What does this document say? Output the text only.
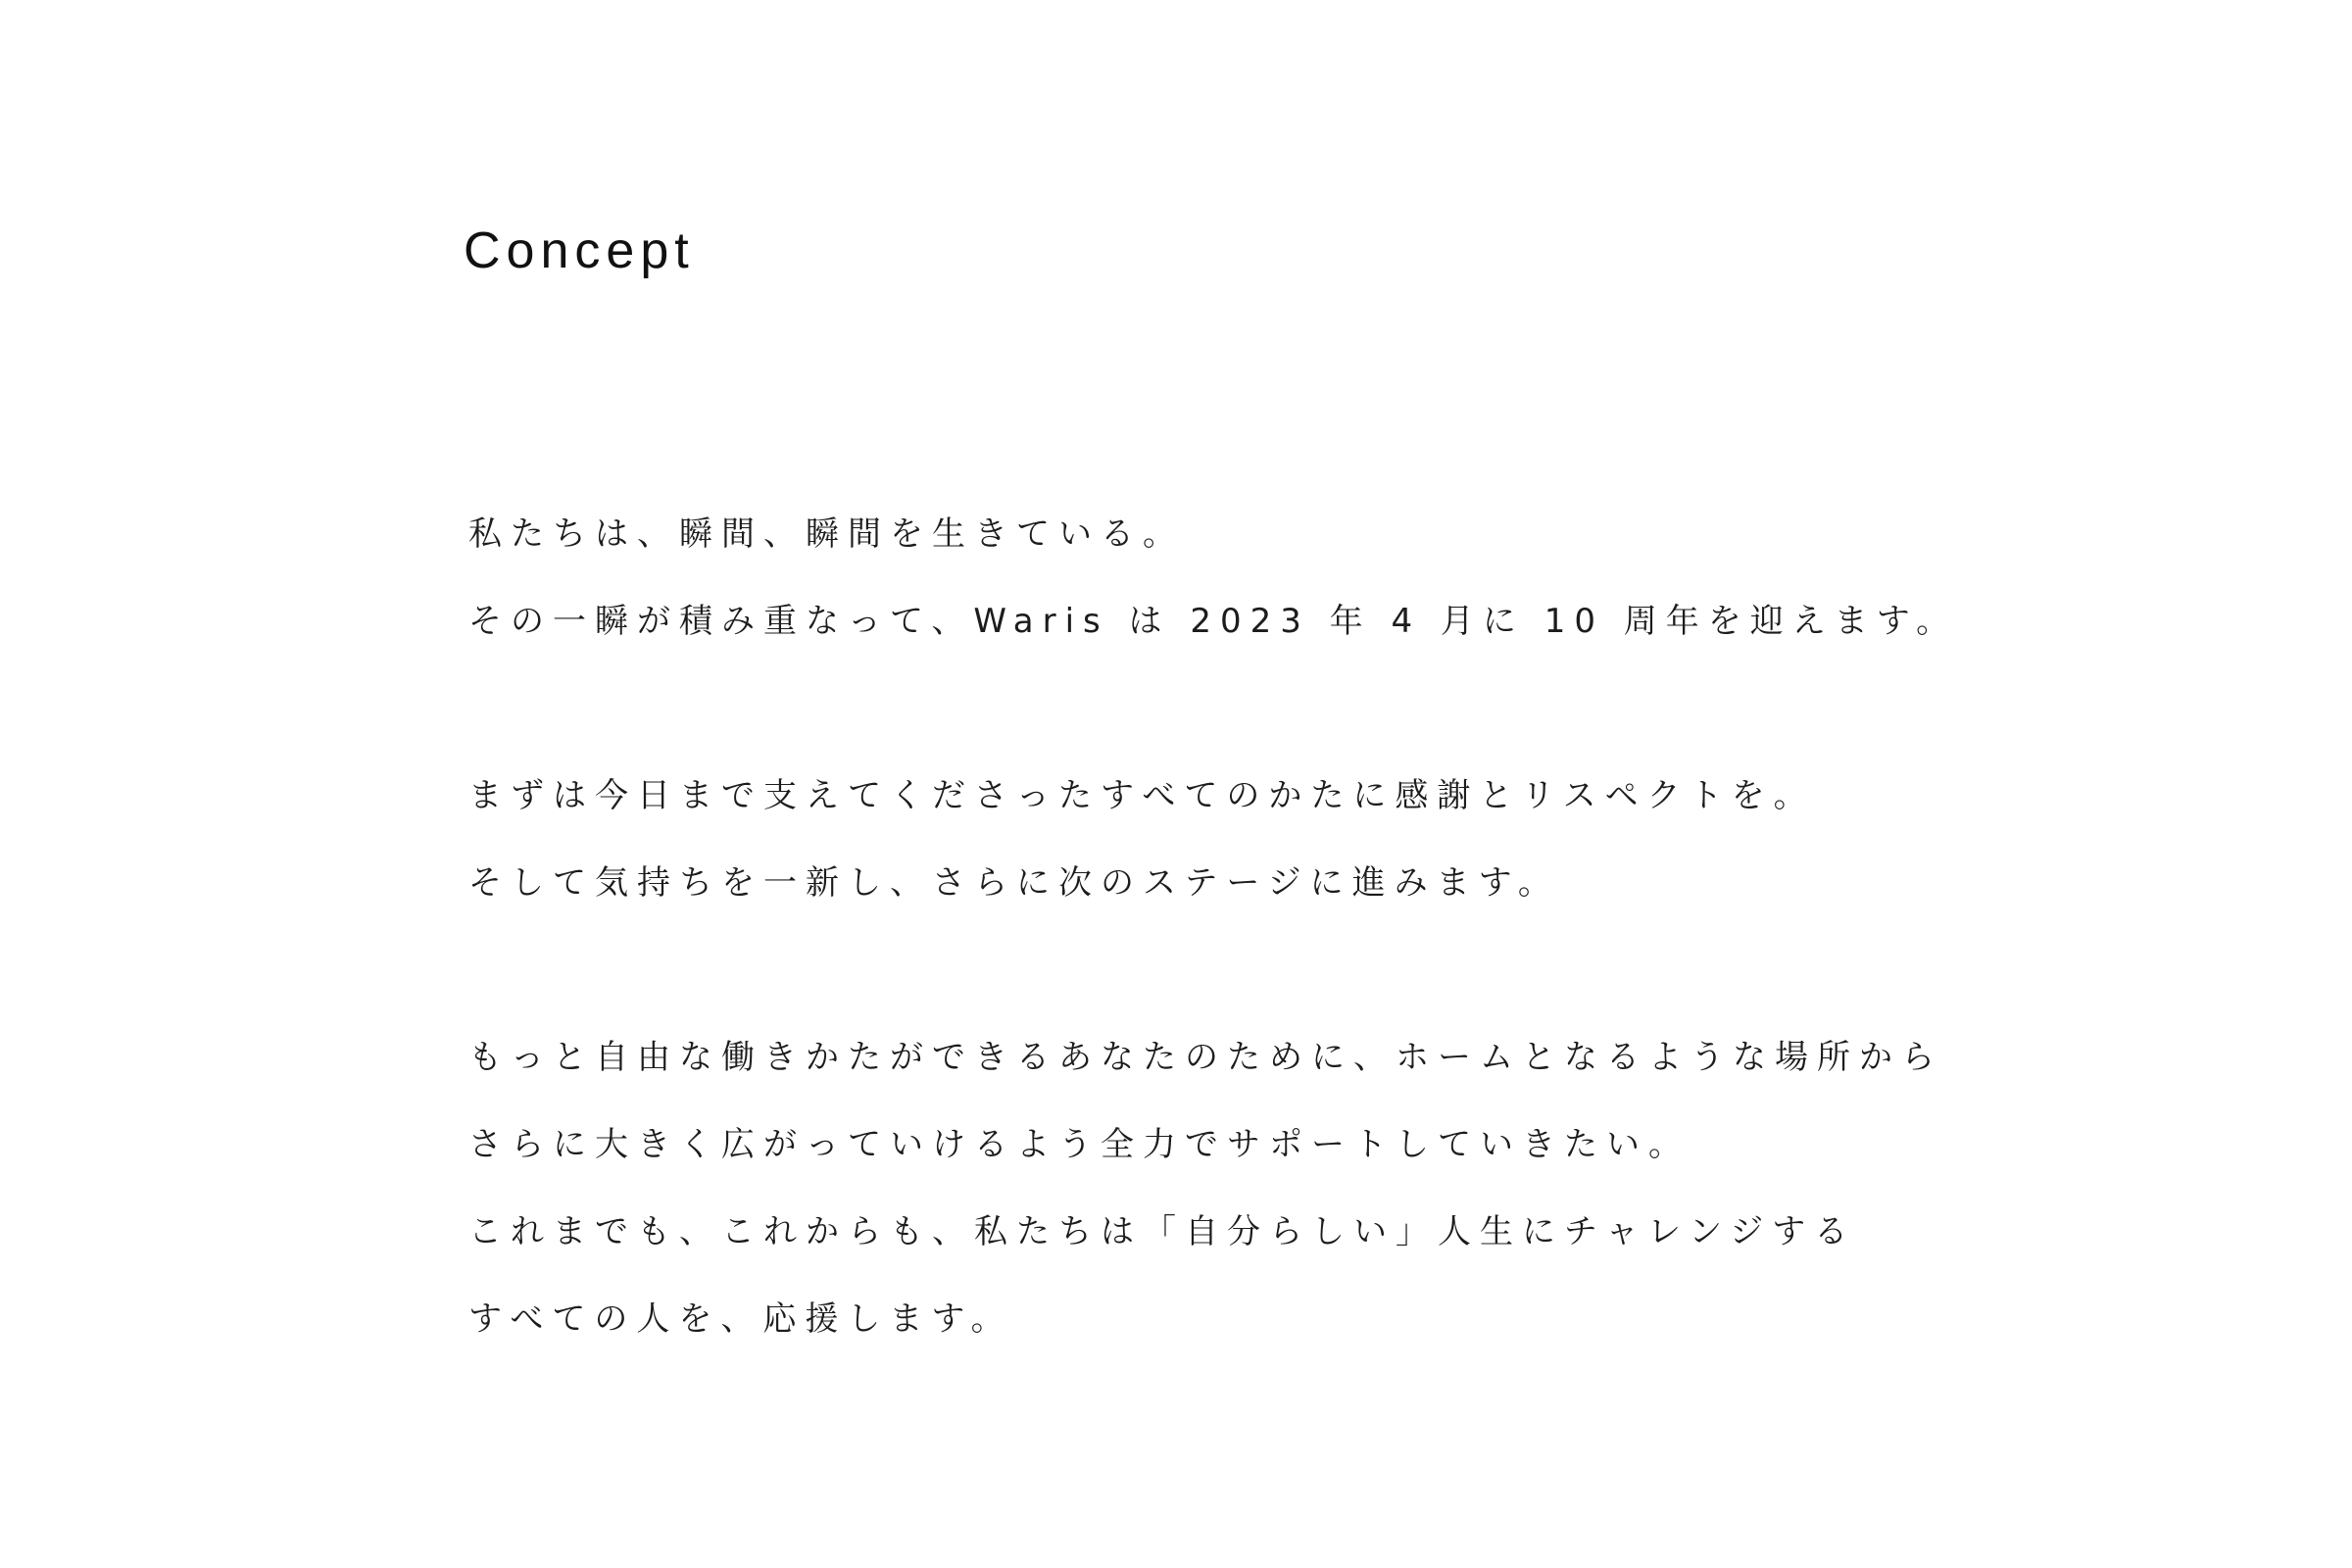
Concept
私たちは、瞬間、瞬間を生きている。
その一瞬が積み重なって、Waris は 2023 年 4 月に 10 周年を迎えます。
まずは今日まで支えてくださったすべてのかたに感謝とリスペクトを。
そして気持ちを一新し、さらに次のステージに進みます。
もっと自由な働きかたができるあなたのために、ホームとなるような場所から
さらに大きく広がっていけるよう全力でサポートしていきたい。
これまでも、これからも、私たちは「自分らしい」人生にチャレンジする
すべての人を、応援します。
